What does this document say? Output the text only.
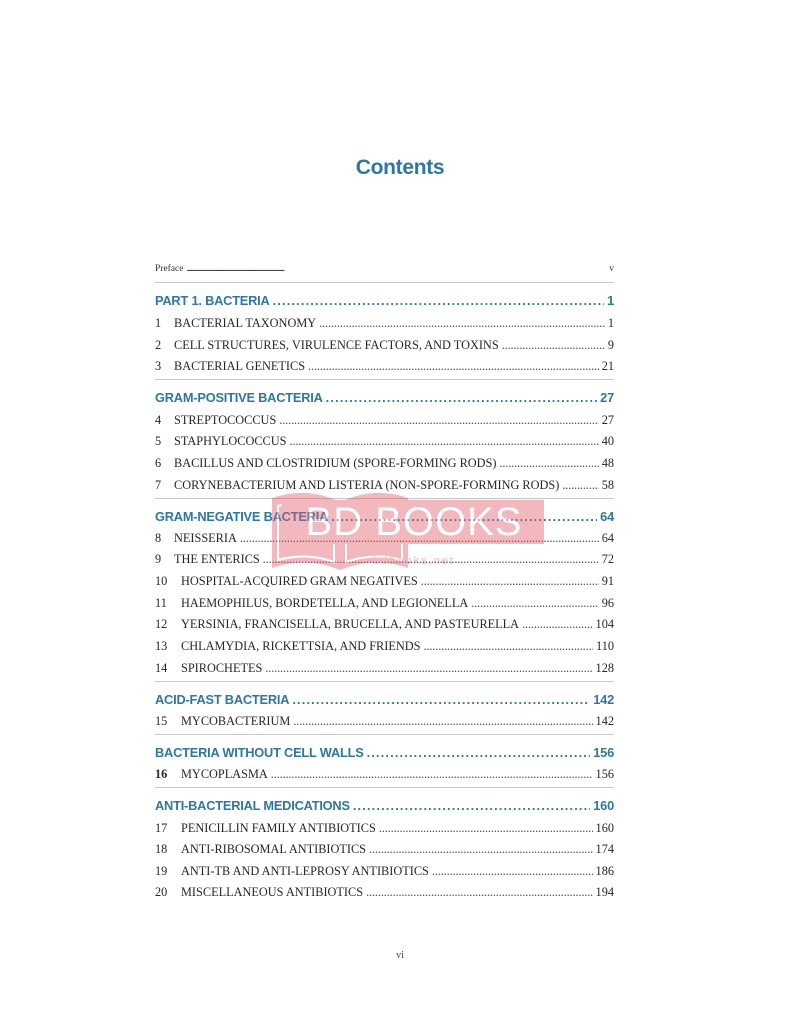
Contents
Preface . . .	v
PART 1. BACTERIA . . .	1
1	BACTERIAL TAXONOMY . . .	1
2	CELL STRUCTURES, VIRULENCE FACTORS, AND TOXINS . . .	9
3	BACTERIAL GENETICS . . .	21
GRAM-POSITIVE BACTERIA . . .	27
4	STREPTOCOCCUS . . .	27
5	STAPHYLOCOCCUS . . .	40
6	BACILLUS AND CLOSTRIDIUM (SPORE-FORMING RODS) . . .	48
7	CORYNEBACTERIUM AND LISTERIA (NON-SPORE-FORMING RODS) . . .	58
GRAM-NEGATIVE BACTERIA . . .	64
8	NEISSERIA . . .	64
9	THE ENTERICS . . .	72
10	HOSPITAL-ACQUIRED GRAM NEGATIVES . . .	91
11	HAEMOPHILUS, BORDETELLA, AND LEGIONELLA . . .	96
12	YERSINIA, FRANCISELLA, BRUCELLA, AND PASTEURELLA . . .	104
13	CHLAMYDIA, RICKETTSIA, AND FRIENDS . . .	110
14	SPIROCHETES . . .	128
ACID-FAST BACTERIA . . .	142
15	MYCOBACTERIUM . . .	142
BACTERIA WITHOUT CELL WALLS . . .	156
16	MYCOPLASMA . . .	156
ANTI-BACTERIAL MEDICATIONS . . .	160
17	PENICILLIN FAMILY ANTIBIOTICS . . .	160
18	ANTI-RIBOSOMAL ANTIBIOTICS . . .	174
19	ANTI-TB AND ANTI-LEPROSY ANTIBIOTICS . . .	186
20	MISCELLANEOUS ANTIBIOTICS . . .	194
BD BOOKS
bdbooks.net
vi
